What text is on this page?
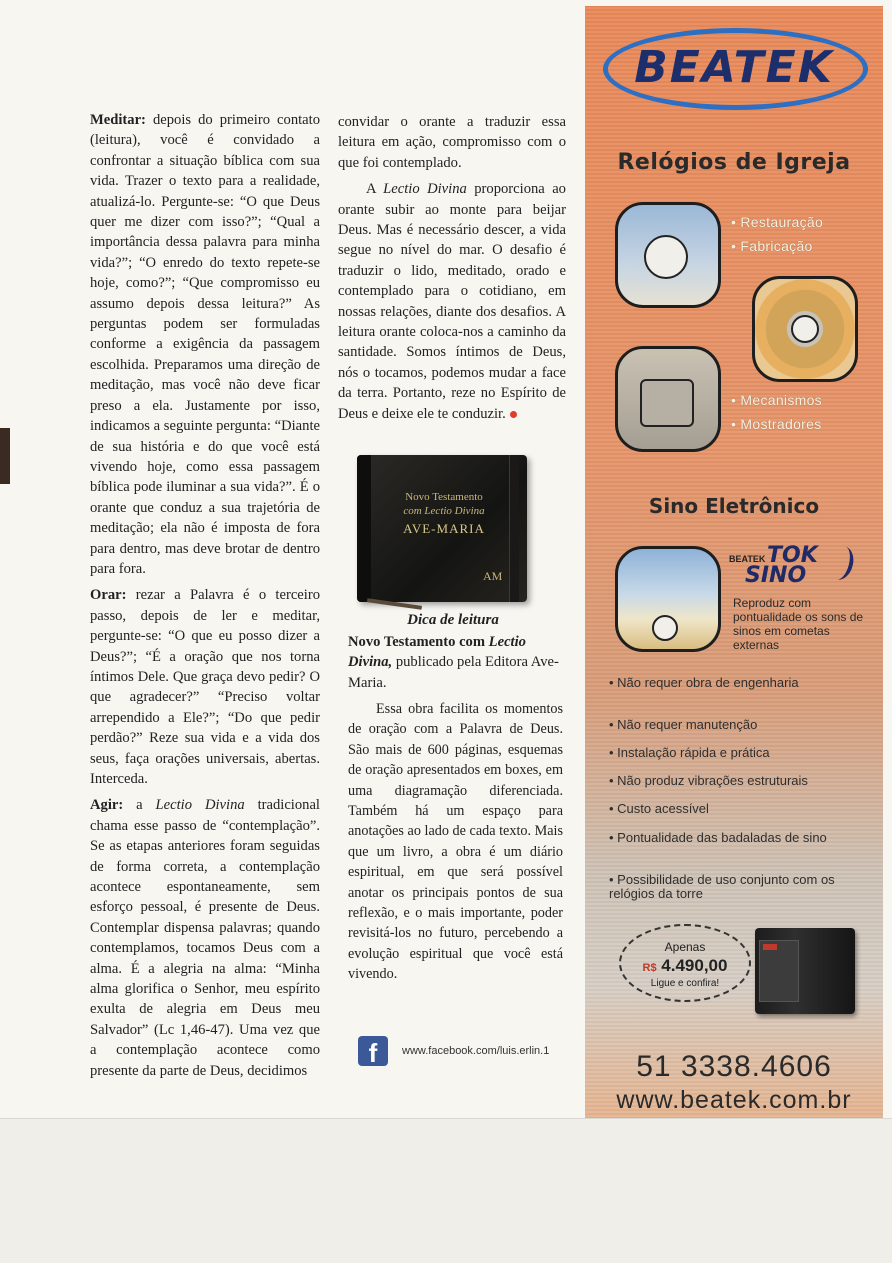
Meditar: depois do primeiro contato (leitura), você é convidado a confrontar a situação bíblica com sua vida. Trazer o texto para a realidade, atualizá-lo. Pergunte-se: “O que Deus quer me dizer com isso?”; “Qual a importância dessa palavra para minha vida?”; “O enredo do texto repete-se hoje, como?”; “Que compromisso eu assumo depois dessa leitura?” As perguntas podem ser formuladas conforme a exigência da passagem escolhida. Preparamos uma direção de meditação, mas você não deve ficar preso a ela. Justamente por isso, indicamos a seguinte pergunta: “Diante de sua história e do que você está vivendo hoje, como essa passagem bíblica pode iluminar a sua vida?”. É o orante que conduz a sua trajetória de meditação; ela não é imposta de fora para dentro, mas deve brotar de dentro para fora.

Orar: rezar a Palavra é o terceiro passo, depois de ler e meditar, pergunte-se: “O que eu posso dizer a Deus?”; “É a oração que nos torna íntimos Dele. Que graça devo pedir? O que agradecer?” “Preciso voltar arrependido a Ele?”; “Do que pedir perdão?” Reze sua vida e a vida dos seus, faça orações universais, abertas. Interceda.

Agir: a Lectio Divina tradicional chama esse passo de “contemplação”. Se as etapas anteriores foram seguidas de forma correta, a contemplação acontece espontaneamente, sem esforço pessoal, é presente de Deus. Contemplar dispensa palavras; quando contemplamos, tocamos Deus com a alma. É a alegria na alma: “Minha alma glorifica o Senhor, meu espírito exulta de alegria em Deus meu Salvador” (Lc 1,46-47). Uma vez que a contemplação acontece como presente da parte de Deus, decidimos

convidar o orante a traduzir essa leitura em ação, compromisso com o que foi contemplado.

A Lectio Divina proporciona ao orante subir ao monte para beijar Deus. Mas é necessário descer, a vida segue no nível do mar. O desafio é traduzir o lido, meditado, orado e contemplado para o cotidiano, em nossas relações, diante dos desafios. A leitura orante coloca-nos a caminho da santidade. Somos íntimos de Deus, nós o tocamos, podemos mudar a face da terra. Portanto, reze no Espírito de Deus e deixe ele te conduzir.

Novo Testamento
com Lectio Divina
AVE-MARIA
AM
Dica de leitura
Novo Testamento com Lectio Divina, publicado pela Editora Ave-Maria.
Essa obra facilita os momentos de oração com a Palavra de Deus. São mais de 600 páginas, esquemas de oração apresentados em boxes, em uma diagramação diferenciada. Também há um espaço para anotações ao lado de cada texto. Mais que um livro, a obra é um diário espiritual, em que será possível anotar os principais pontos de sua reflexão, e o mais importante, poder revisitá-los no futuro, percebendo a evolução espiritual que você está vivendo.
f	www.facebook.com/luis.erlin.1
BEATEK
Relógios de Igreja
• Restauração
• Fabricação
• Mecanismos
• Mostradores
Sino Eletrônico
BEATEK TOK
SINO
Reproduz com pontualidade os sons de sinos em cometas externas
• Não requer obra de engenharia
• Não requer manutenção
• Instalação rápida e prática
• Não produz vibrações estruturais
• Custo acessível
• Pontualidade das badaladas de sino
• Possibilidade de uso conjunto com os relógios da torre
Apenas
R$ 4.490,00
Ligue e confira!
51 3338.4606
www.beatek.com.br
